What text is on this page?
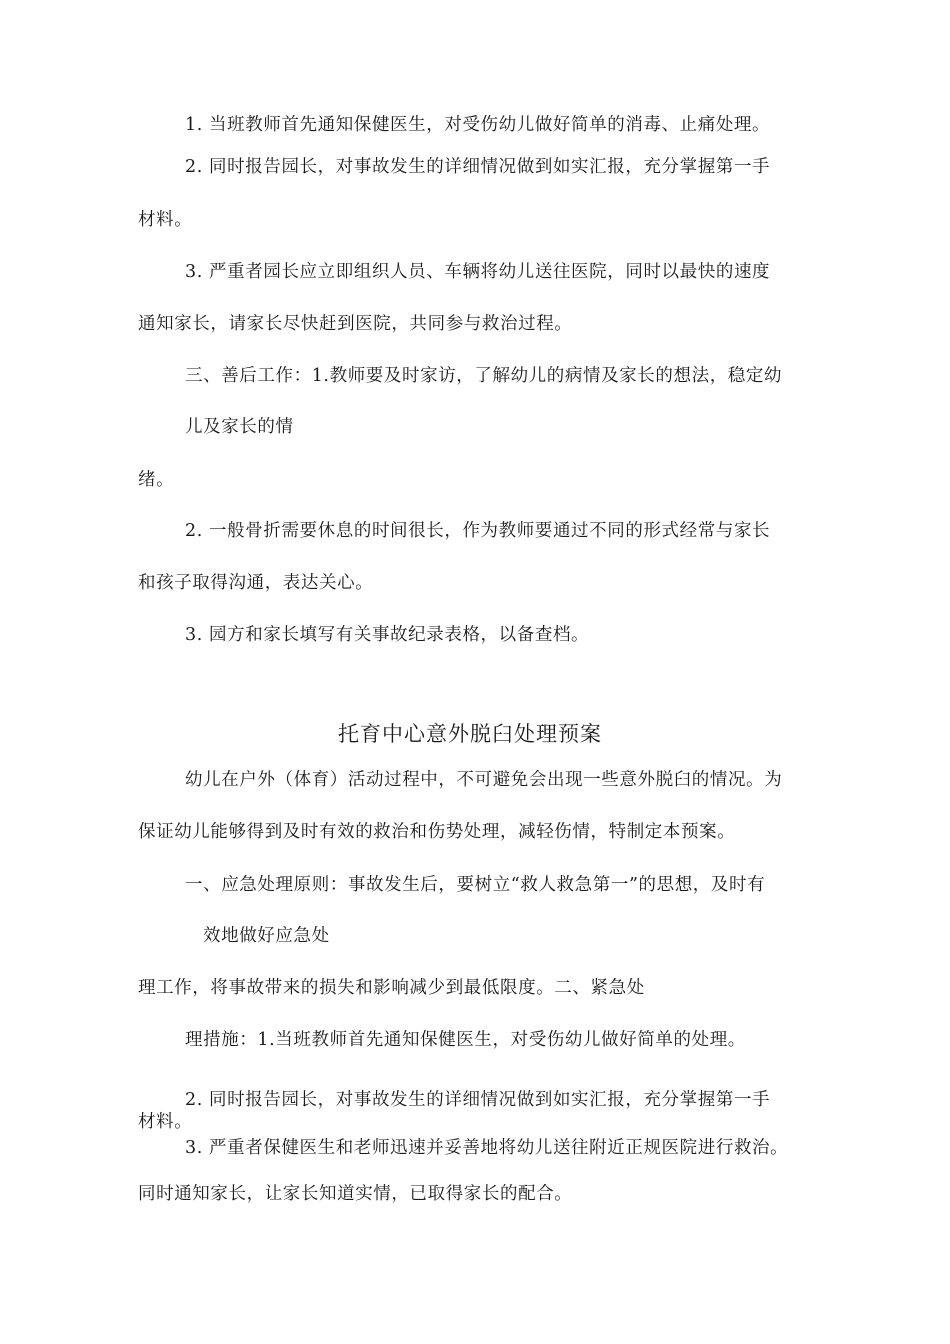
1. 当班教师首先通知保健医生，对受伤幼儿做好简单的消毒、止痛处理。
2. 同时报告园长，对事故发生的详细情况做到如实汇报，充分掌握第一手
材料。
3. 严重者园长应立即组织人员、车辆将幼儿送往医院，同时以最快的速度
通知家长，请家长尽快赶到医院，共同参与救治过程。
三、善后工作：1.教师要及时家访，了解幼儿的病情及家长的想法，稳定幼
儿及家长的情
绪。
2. 一般骨折需要休息的时间很长，作为教师要通过不同的形式经常与家长
和孩子取得沟通，表达关心。
3. 园方和家长填写有关事故纪录表格，以备查档。
托育中心意外脱臼处理预案
幼儿在户外（体育）活动过程中，不可避免会出现一些意外脱臼的情况。为
保证幼儿能够得到及时有效的救治和伤势处理，减轻伤情，特制定本预案。
一、应急处理原则：事故发生后，要树立“救人救急第一”的思想，及时有
效地做好应急处
理工作，将事故带来的损失和影响减少到最低限度。二、紧急处
理措施：1.当班教师首先通知保健医生，对受伤幼儿做好简单的处理。
2. 同时报告园长，对事故发生的详细情况做到如实汇报，充分掌握第一手
材料。
3. 严重者保健医生和老师迅速并妥善地将幼儿送往附近正规医院进行救治。
同时通知家长，让家长知道实情，已取得家长的配合。
